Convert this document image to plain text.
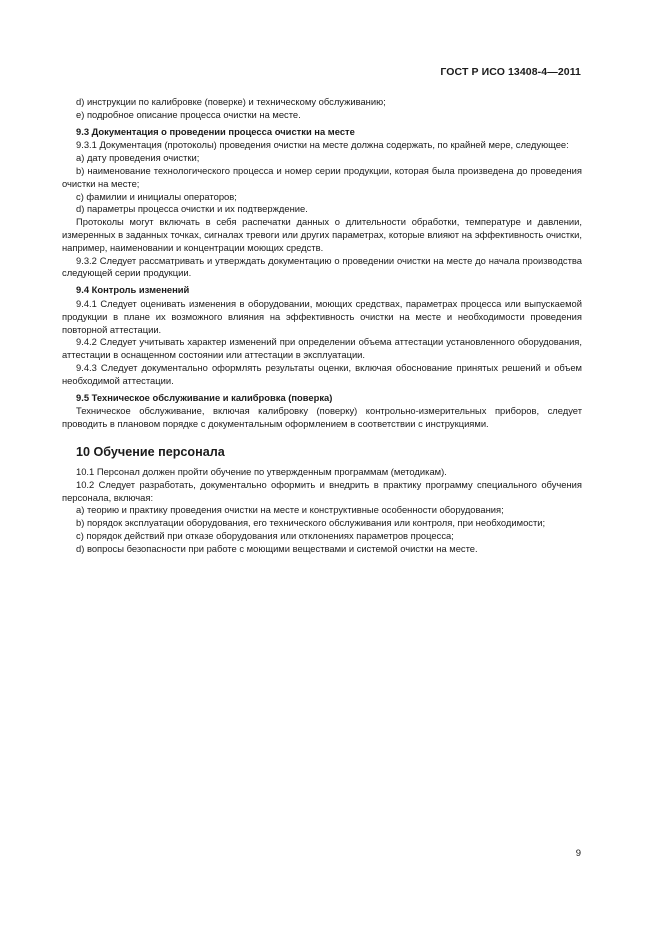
ГОСТ Р ИСО 13408-4—2011

d) инструкции по калибровке (поверке) и техническому обслуживанию;

e) подробное описание процесса очистки на месте.

9.3 Документация о проведении процесса очистки на месте

9.3.1 Документация (протоколы) проведения очистки на месте должна содержать, по крайней мере, следующее:

a) дату проведения очистки;

b) наименование технологического процесса и номер серии продукции, которая была произведена до проведения очистки на месте;

c) фамилии и инициалы операторов;

d) параметры процесса очистки и их подтверждение.

Протоколы могут включать в себя распечатки данных о длительности обработки, температуре и давлении, измеренных в заданных точках, сигналах тревоги или других параметрах, которые влияют на эффективность очистки, например, наименовании и концентрации моющих средств.

9.3.2 Следует рассматривать и утверждать документацию о проведении очистки на месте до начала производства следующей серии продукции.

9.4 Контроль изменений

9.4.1 Следует оценивать изменения в оборудовании, моющих средствах, параметрах процесса или выпускаемой продукции в плане их возможного влияния на эффективность очистки на месте и необходимости проведения повторной аттестации.

9.4.2 Следует учитывать характер изменений при определении объема аттестации установленного оборудования, аттестации в оснащенном состоянии или аттестации в эксплуатации.

9.4.3 Следует документально оформлять результаты оценки, включая обоснование принятых решений и объем необходимой аттестации.

9.5 Техническое обслуживание и калибровка (поверка)

Техническое обслуживание, включая калибровку (поверку) контрольно-измерительных приборов, следует проводить в плановом порядке с документальным оформлением в соответствии с инструкциями.

10 Обучение персонала

10.1 Персонал должен пройти обучение по утвержденным программам (методикам).

10.2 Следует разработать, документально оформить и внедрить в практику программу специального обучения персонала, включая:

a) теорию и практику проведения очистки на месте и конструктивные особенности оборудования;

b) порядок эксплуатации оборудования, его технического обслуживания или контроля, при необходимости;

c) порядок действий при отказе оборудования или отклонениях параметров процесса;

d) вопросы безопасности при работе с моющими веществами и системой очистки на месте.

9
